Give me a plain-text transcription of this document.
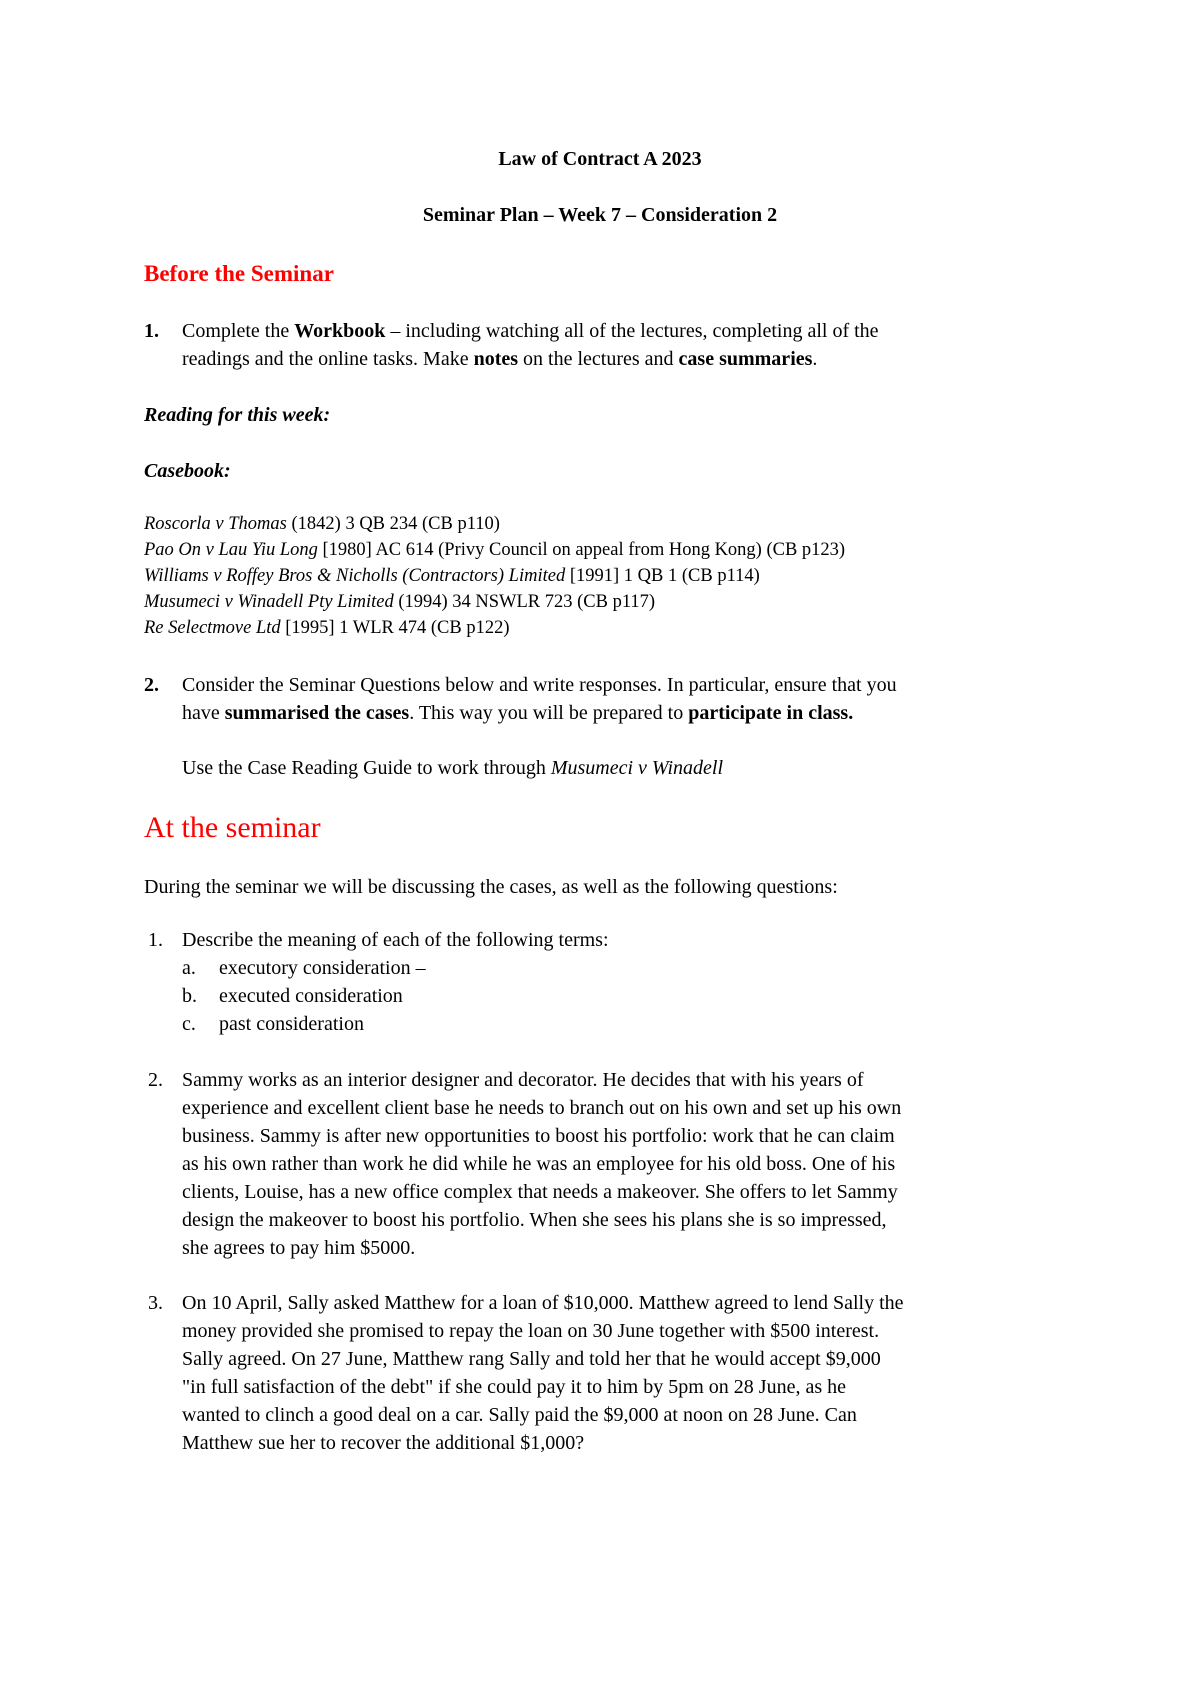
Law of Contract A 2023
Seminar Plan – Week 7 – Consideration 2
Before the Seminar
1. Complete the Workbook – including watching all of the lectures, completing all of the
readings and the online tasks. Make notes on the lectures and case summaries.
Reading for this week:
Casebook:
Roscorla v Thomas (1842) 3 QB 234 (CB p110)
Pao On v Lau Yiu Long [1980] AC 614 (Privy Council on appeal from Hong Kong) (CB p123)
Williams v Roffey Bros & Nicholls (Contractors) Limited [1991] 1 QB 1 (CB p114)
Musumeci v Winadell Pty Limited (1994) 34 NSWLR 723 (CB p117)
Re Selectmove Ltd [1995] 1 WLR 474 (CB p122)
2. Consider the Seminar Questions below and write responses. In particular, ensure that you
have summarised the cases. This way you will be prepared to participate in class.
Use the Case Reading Guide to work through Musumeci v Winadell
At the seminar
During the seminar we will be discussing the cases, as well as the following questions:
1. Describe the meaning of each of the following terms:
a. executory consideration –
b. executed consideration
c. past consideration
2. Sammy works as an interior designer and decorator. He decides that with his years of
experience and excellent client base he needs to branch out on his own and set up his own
business. Sammy is after new opportunities to boost his portfolio: work that he can claim
as his own rather than work he did while he was an employee for his old boss. One of his
clients, Louise, has a new office complex that needs a makeover. She offers to let Sammy
design the makeover to boost his portfolio. When she sees his plans she is so impressed,
she agrees to pay him $5000.
3. On 10 April, Sally asked Matthew for a loan of $10,000. Matthew agreed to lend Sally the
money provided she promised to repay the loan on 30 June together with $500 interest.
Sally agreed. On 27 June, Matthew rang Sally and told her that he would accept $9,000
"in full satisfaction of the debt" if she could pay it to him by 5pm on 28 June, as he
wanted to clinch a good deal on a car. Sally paid the $9,000 at noon on 28 June. Can
Matthew sue her to recover the additional $1,000?
